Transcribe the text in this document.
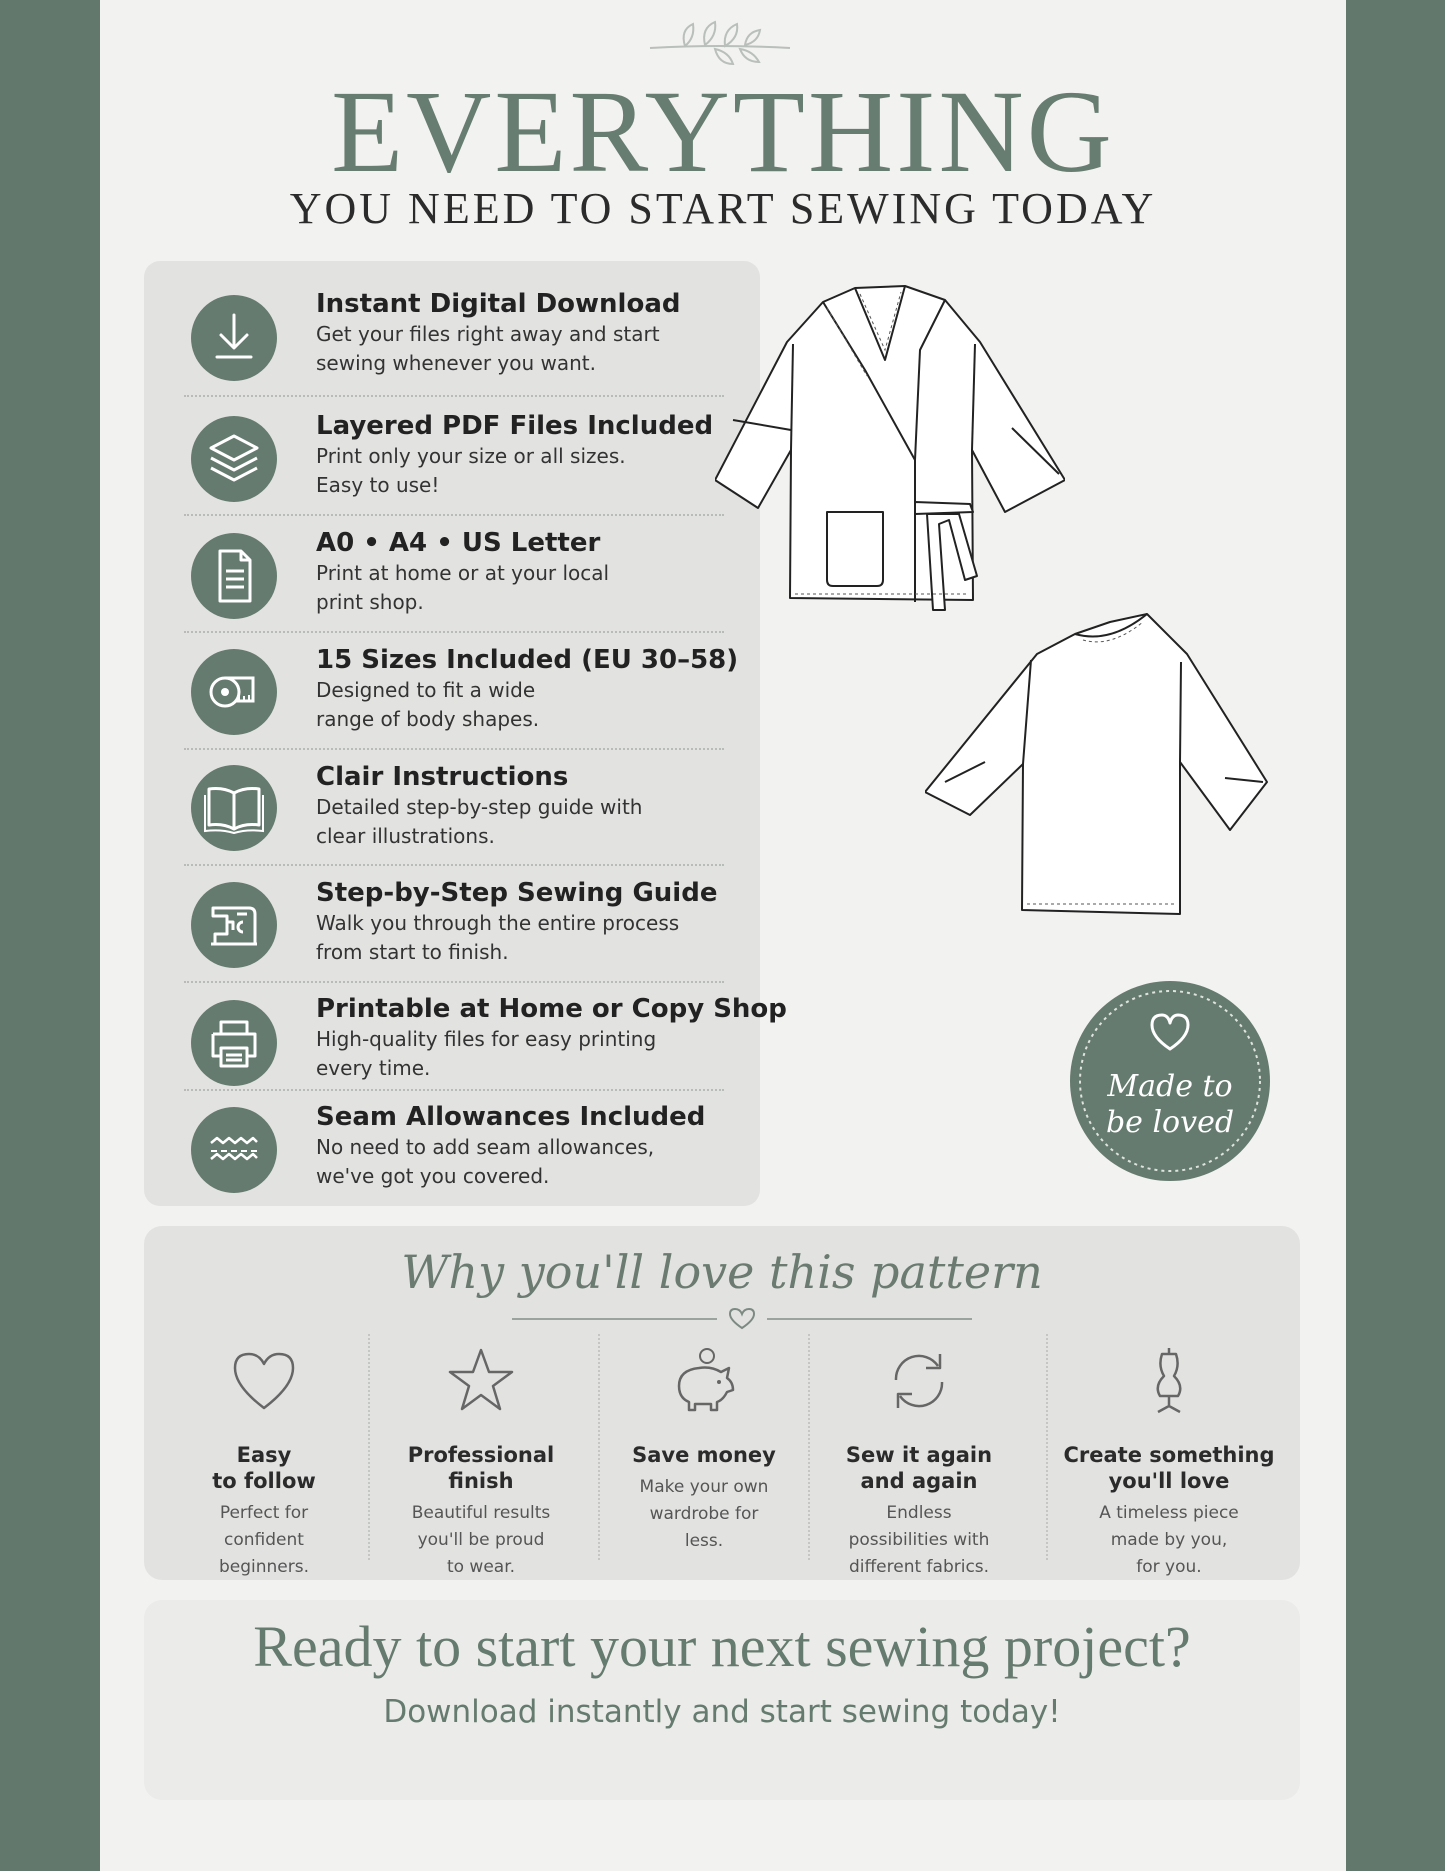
EVERYTHING
YOU NEED TO START SEWING TODAY
Instant Digital Download
Get your files right away and start
sewing whenever you want.
Layered PDF Files Included
Print only your size or all sizes.
Easy to use!
A0 • A4 • US Letter
Print at home or at your local
print shop.
15 Sizes Included (EU 30–58)
Designed to fit a wide
range of body shapes.
Clair Instructions
Detailed step-by-step guide with
clear illustrations.
Step-by-Step Sewing Guide
Walk you through the entire process
from start to finish.
Printable at Home or Copy Shop
High-quality files for easy printing
every time.
Seam Allowances Included
No need to add seam allowances,
we've got you covered.
Made to
be loved
Why you'll love this pattern
Easy
to follow
Perfect for
confident
beginners.
Professional
finish
Beautiful results
you'll be proud
to wear.
Save money

Make your own
wardrobe for
less.
Sew it again
and again
Endless
possibilities with
different fabrics.
Create something
you'll love
A timeless piece
made by you,
for you.
Ready to start your next sewing project?
Download instantly and start sewing today!
